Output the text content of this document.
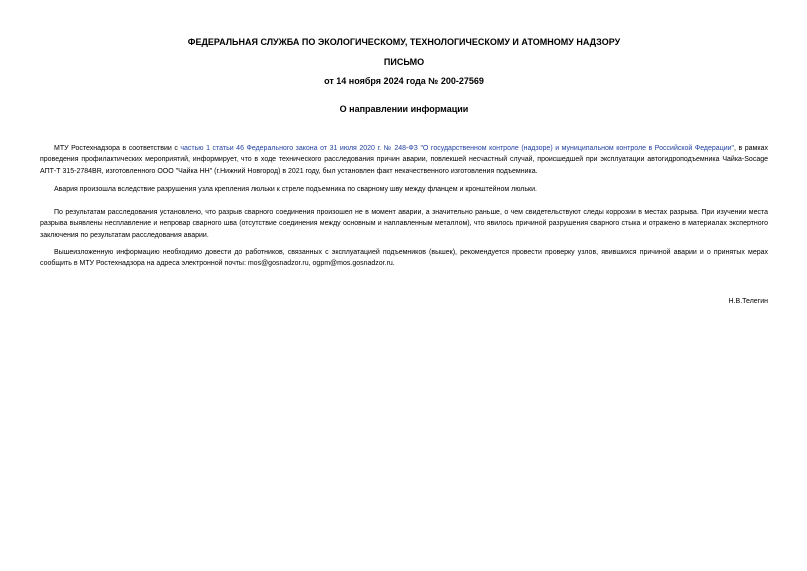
ФЕДЕРАЛЬНАЯ СЛУЖБА ПО ЭКОЛОГИЧЕСКОМУ, ТЕХНОЛОГИЧЕСКОМУ И АТОМНОМУ НАДЗОРУ
ПИСЬМО
от 14 ноября 2024 года № 200-27569
О направлении информации
МТУ Ростехнадзора в соответствии с частью 1 статьи 46 Федерального закона от 31 июля 2020 г. № 248-ФЗ "О государственном контроле (надзоре) и муниципальном контроле в Российской Федерации", в рамках проведения профилактических мероприятий, информирует, что в ходе технического расследования причин аварии, повлекшей несчастный случай, происшедшей при эксплуатации автогидроподъемника Чайка-Socage АПТ-Т 315-2784BR, изготовленного ООО "Чайка НН" (г.Нижний Новгород) в 2021 году, был установлен факт некачественного изготовления подъемника.
Авария произошла вследствие разрушения узла крепления люльки к стреле подъемника по сварному шву между фланцем и кронштейном люльки.
По результатам расследования установлено, что разрыв сварного соединения произошел не в момент аварии, а значительно раньше, о чем свидетельствуют следы коррозии в местах разрыва. При изучении места разрыва выявлены несплавление и непровар сварного шва (отсутствие соединения между основным и наплавленным металлом), что явилось причиной разрушения сварного стыка и отражено в материалах экспертного заключения по результатам расследования аварии.
Вышеизложенную информацию необходимо довести до работников, связанных с эксплуатацией подъемников (вышек), рекомендуется провести проверку узлов, явившихся причиной аварии и о принятых мерах сообщить в МТУ Ростехнадзора на адреса электронной почты: mos@gosnadzor.ru, ogpm@mos.gosnadzor.ru.
Н.В.Телегин
